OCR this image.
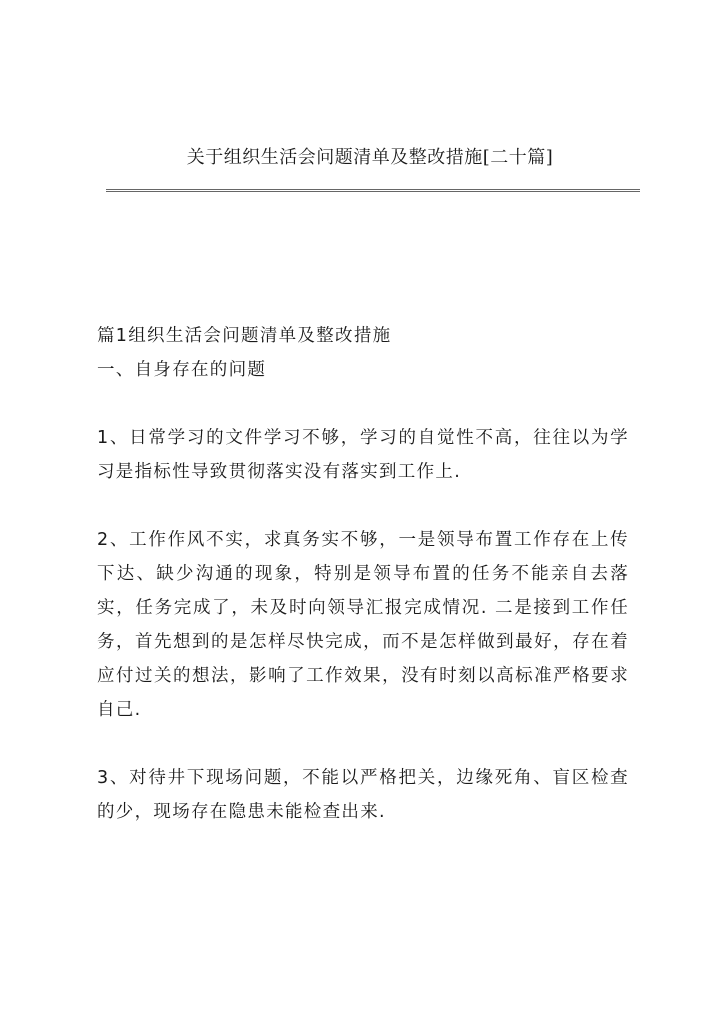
关于组织生活会问题清单及整改措施[二十篇]

篇1组织生活会问题清单及整改措施

一、自身存在的问题

1、日常学习的文件学习不够，学习的自觉性不高，往往以为学习是指标性导致贯彻落实没有落实到工作上.

2、工作作风不实，求真务实不够，一是领导布置工作存在上传下达、缺少沟通的现象，特别是领导布置的任务不能亲自去落实，任务完成了，未及时向领导汇报完成情况. 二是接到工作任务，首先想到的是怎样尽快完成，而不是怎样做到最好，存在着应付过关的想法，影响了工作效果，没有时刻以高标准严格要求自己.

3、对待井下现场问题，不能以严格把关，边缘死角、盲区检查的少，现场存在隐患未能检查出来.
